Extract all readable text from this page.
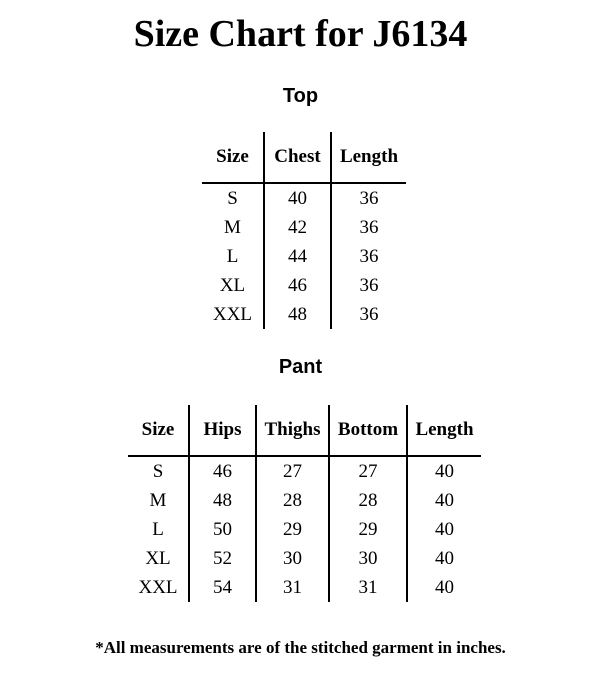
Size Chart for J6134
Top
Size	Chest	Length
S	40	36
M	42	36
L	44	36
XL	46	36
XXL	48	36
Pant
Size	Hips	Thighs	Bottom	Length
S	46	27	27	40
M	48	28	28	40
L	50	29	29	40
XL	52	30	30	40
XXL	54	31	31	40
*All measurements are of the stitched garment in inches.
